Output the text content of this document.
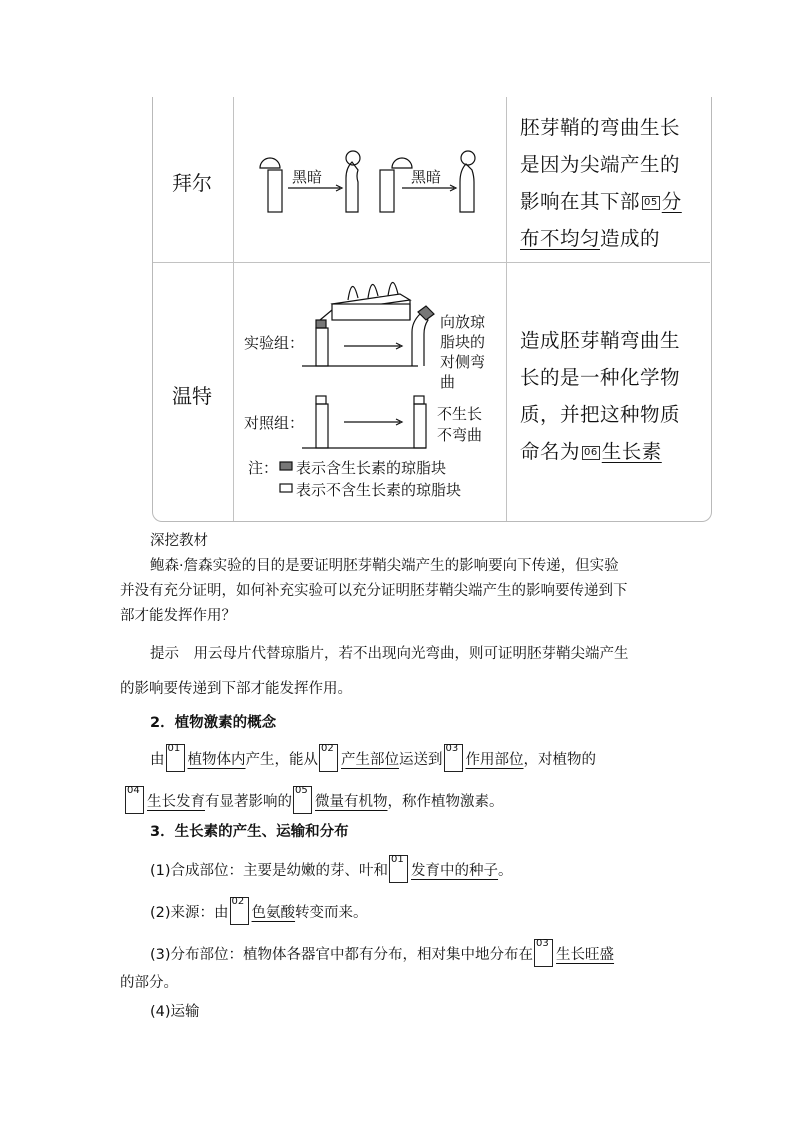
拜尔	黑暗	黑暗
胚芽鞘的弯曲生长
是因为尖端产生的
影响在其下部 05 分
布不均匀造成的
温特
实验组：
对照组：
向放琼
脂块的
对侧弯
曲
不生长
不弯曲
注： 表示含生长素的琼脂块
表示不含生长素的琼脂块
造成胚芽鞘弯曲生
长的是一种化学物
质，并把这种物质
命名为 06 生长素
深挖教材
鲍森·詹森实验的目的是要证明胚芽鞘尖端产生的影响要向下传递，但实验
并没有充分证明，如何补充实验可以充分证明胚芽鞘尖端产生的影响要传递到下
部才能发挥作用？
提示　用云母片代替琼脂片，若不出现向光弯曲，则可证明胚芽鞘尖端产生
的影响要传递到下部才能发挥作用。
2．植物激素的概念
由
01
植物体内产生，能从
02
产生部位运送到
03
作用部位，对植物的
04
生长发育有显著影响的
05
微量有机物，称作植物激素。
3．生长素的产生、运输和分布
(1)合成部位：主要是幼嫩的芽、叶和
01
发育中的种子。
(2)来源：由
02
色氨酸转变而来。
(3)分布部位：植物体各器官中都有分布，相对集中地分布在
03
生长旺盛
的部分。
(4)运输
